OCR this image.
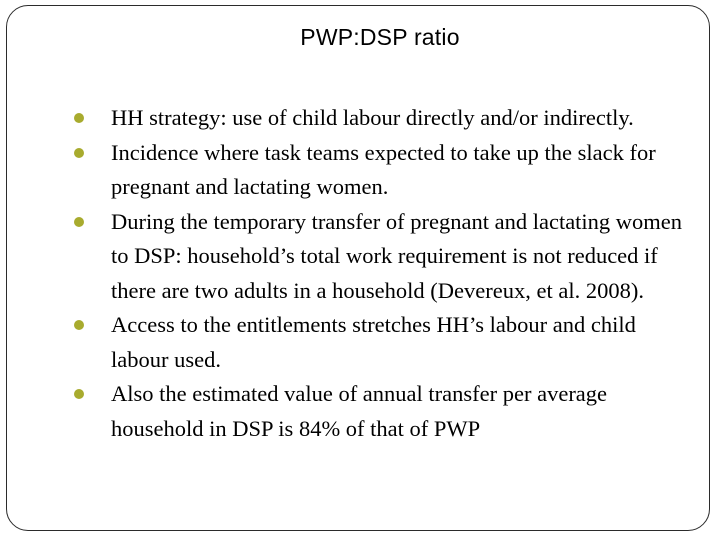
PWP:DSP ratio
HH strategy: use of child labour directly and/or indirectly.
Incidence where task teams expected to take up the slack for pregnant and lactating women.
During the temporary transfer of pregnant and lactating women to DSP: household’s total work requirement is not reduced if there are two adults in a household (Devereux, et al. 2008).
Access to the entitlements stretches HH’s labour and child labour used.
Also the estimated value of annual transfer per average household in DSP is 84% of that of PWP
